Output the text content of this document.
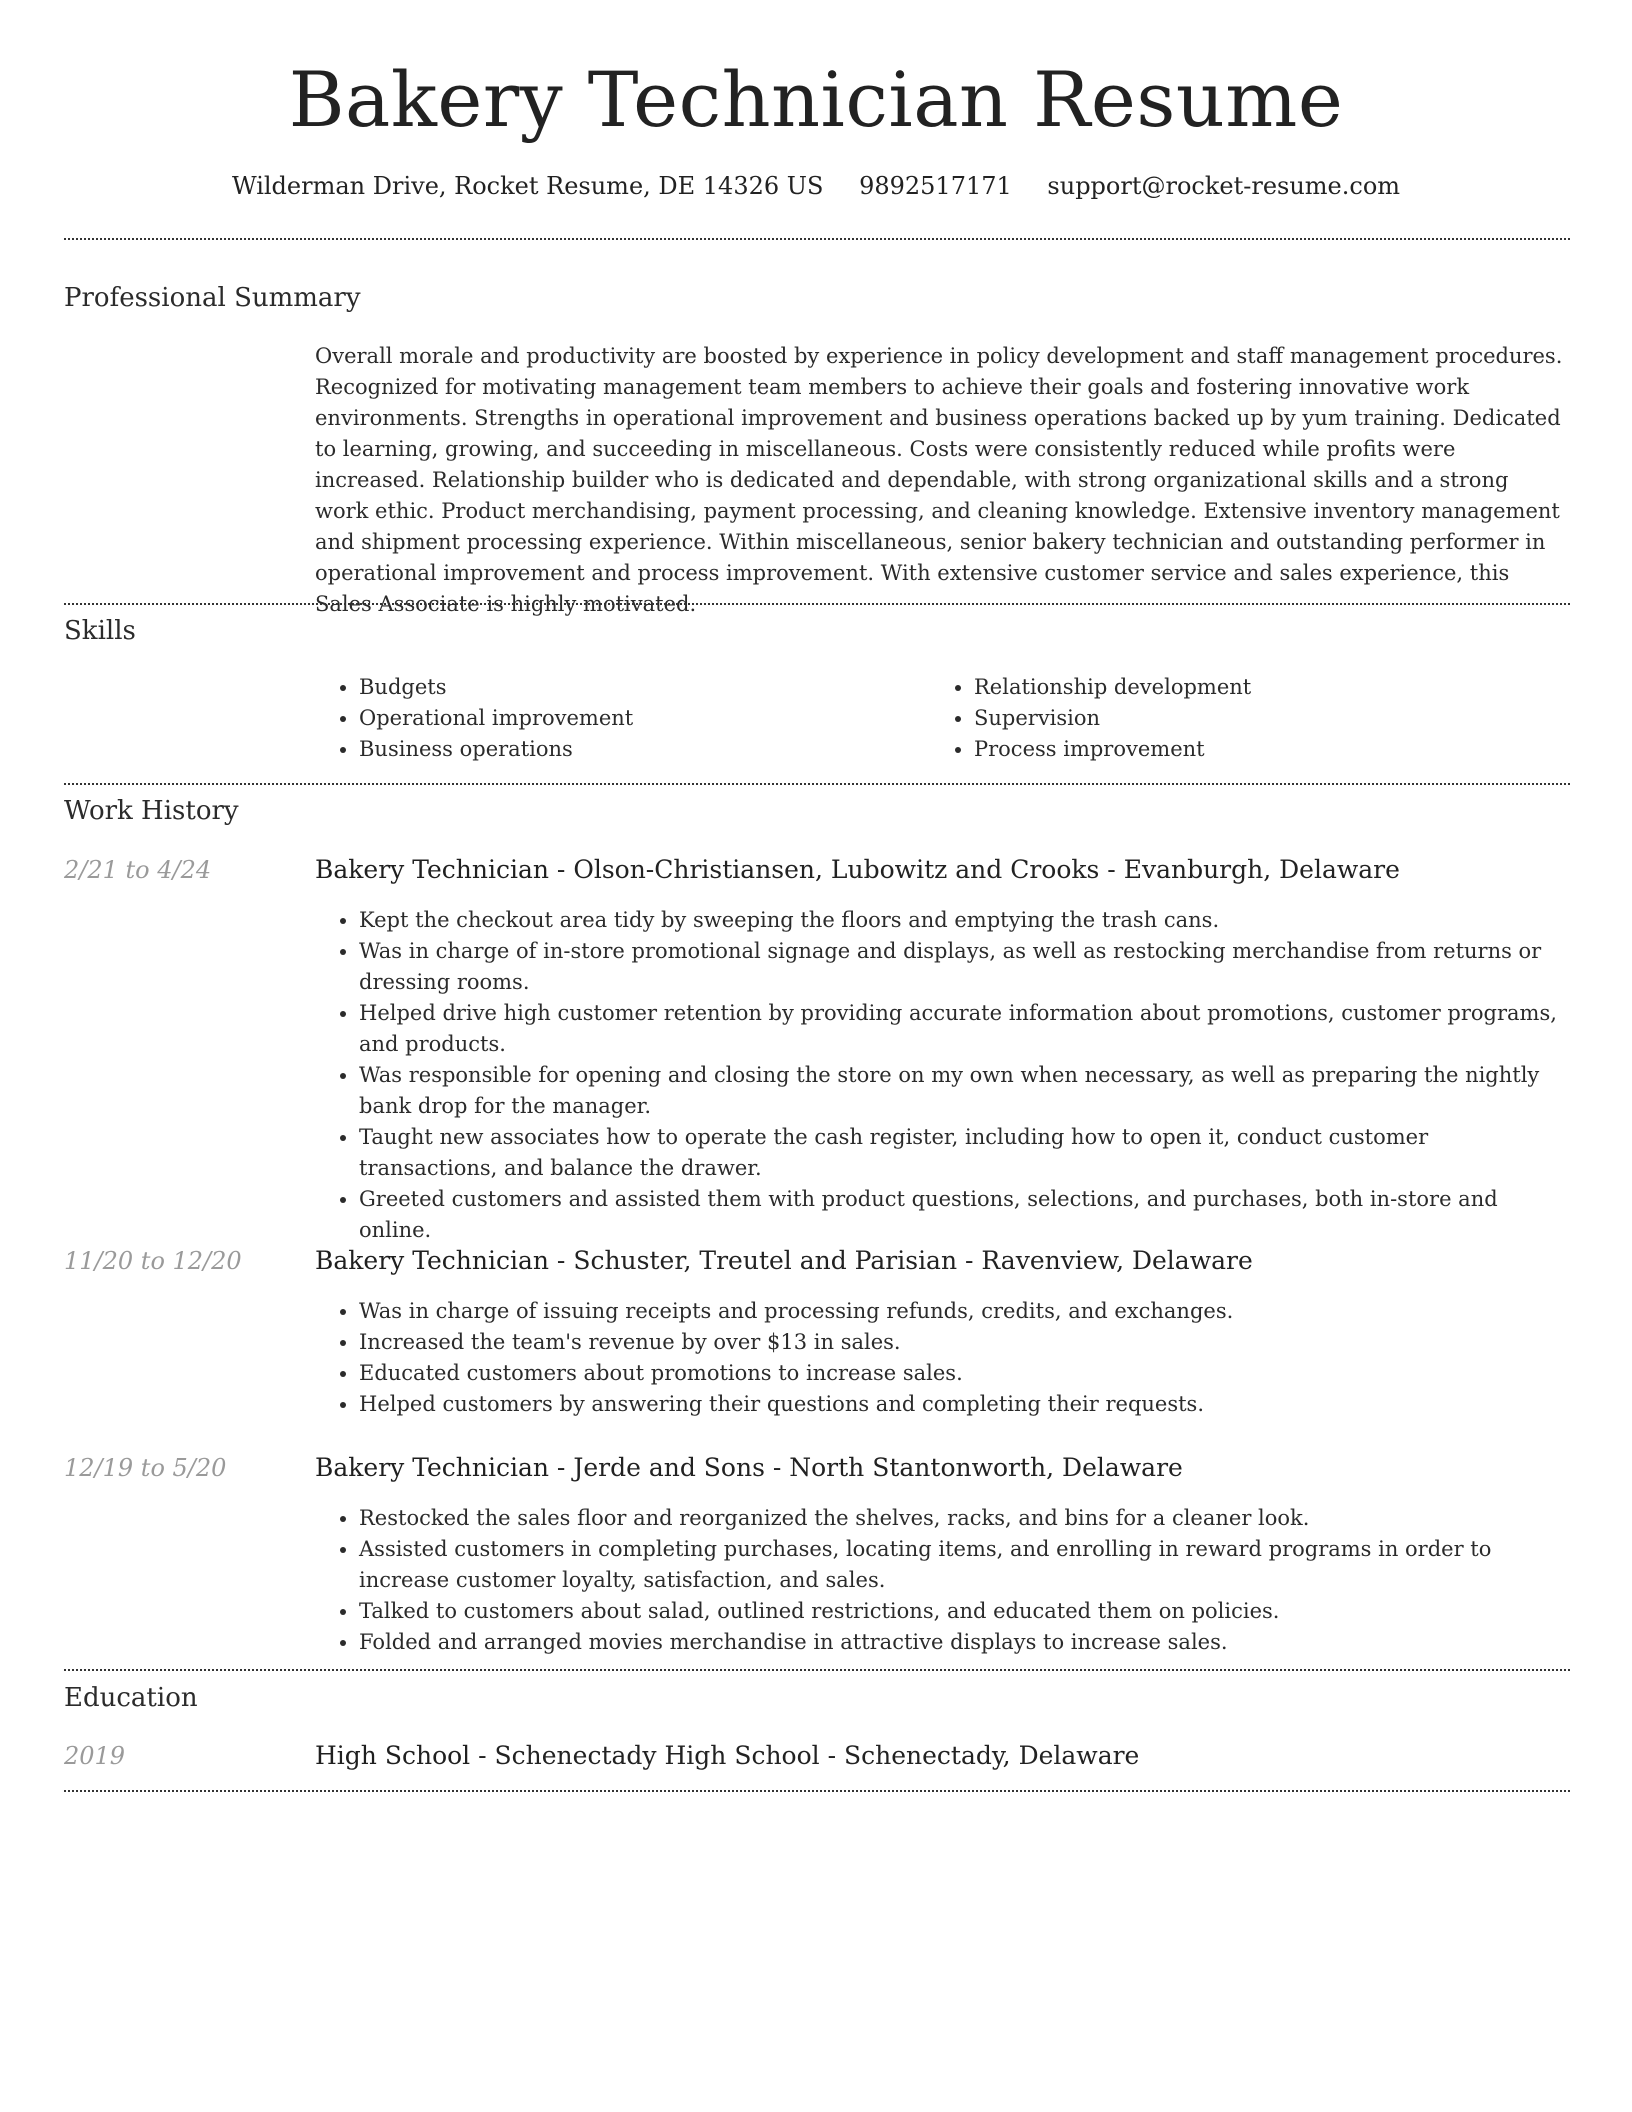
Bakery Technician Resume
Wilderman Drive, Rocket Resume, DE 14326 US 9892517171 support@rocket-resume.com
Professional Summary

Overall morale and productivity are boosted by experience in policy development and staff management procedures. Recognized for motivating management team members to achieve their goals and fostering innovative work environments. Strengths in operational improvement and business operations backed up by yum training. Dedicated to learning, growing, and succeeding in miscellaneous. Costs were consistently reduced while profits were increased. Relationship builder who is dedicated and dependable, with strong organizational skills and a strong work ethic. Product merchandising, payment processing, and cleaning knowledge. Extensive inventory management and shipment processing experience. Within miscellaneous, senior bakery technician and outstanding performer in operational improvement and process improvement. With extensive customer service and sales experience, this Sales Associate is highly motivated.

Skills
• Budgets
• Operational improvement
• Business operations
• Relationship development
• Supervision
• Process improvement
Work History
2/21 to 4/24	Bakery Technician - Olson-Christiansen, Lubowitz and Crooks - Evanburgh, Delaware
• Kept the checkout area tidy by sweeping the floors and emptying the trash cans.
• Was in charge of in-store promotional signage and displays, as well as restocking merchandise from returns or dressing rooms.
• Helped drive high customer retention by providing accurate information about promotions, customer programs, and products.
• Was responsible for opening and closing the store on my own when necessary, as well as preparing the nightly bank drop for the manager.
• Taught new associates how to operate the cash register, including how to open it, conduct customer transactions, and balance the drawer.
• Greeted customers and assisted them with product questions, selections, and purchases, both in-store and online.
11/20 to 12/20	Bakery Technician - Schuster, Treutel and Parisian - Ravenview, Delaware
• Was in charge of issuing receipts and processing refunds, credits, and exchanges.
• Increased the team's revenue by over $13 in sales.
• Educated customers about promotions to increase sales.
• Helped customers by answering their questions and completing their requests.
12/19 to 5/20	Bakery Technician - Jerde and Sons - North Stantonworth, Delaware
• Restocked the sales floor and reorganized the shelves, racks, and bins for a cleaner look.
• Assisted customers in completing purchases, locating items, and enrolling in reward programs in order to increase customer loyalty, satisfaction, and sales.
• Talked to customers about salad, outlined restrictions, and educated them on policies.
• Folded and arranged movies merchandise in attractive displays to increase sales.
Education
2019	High School - Schenectady High School - Schenectady, Delaware
